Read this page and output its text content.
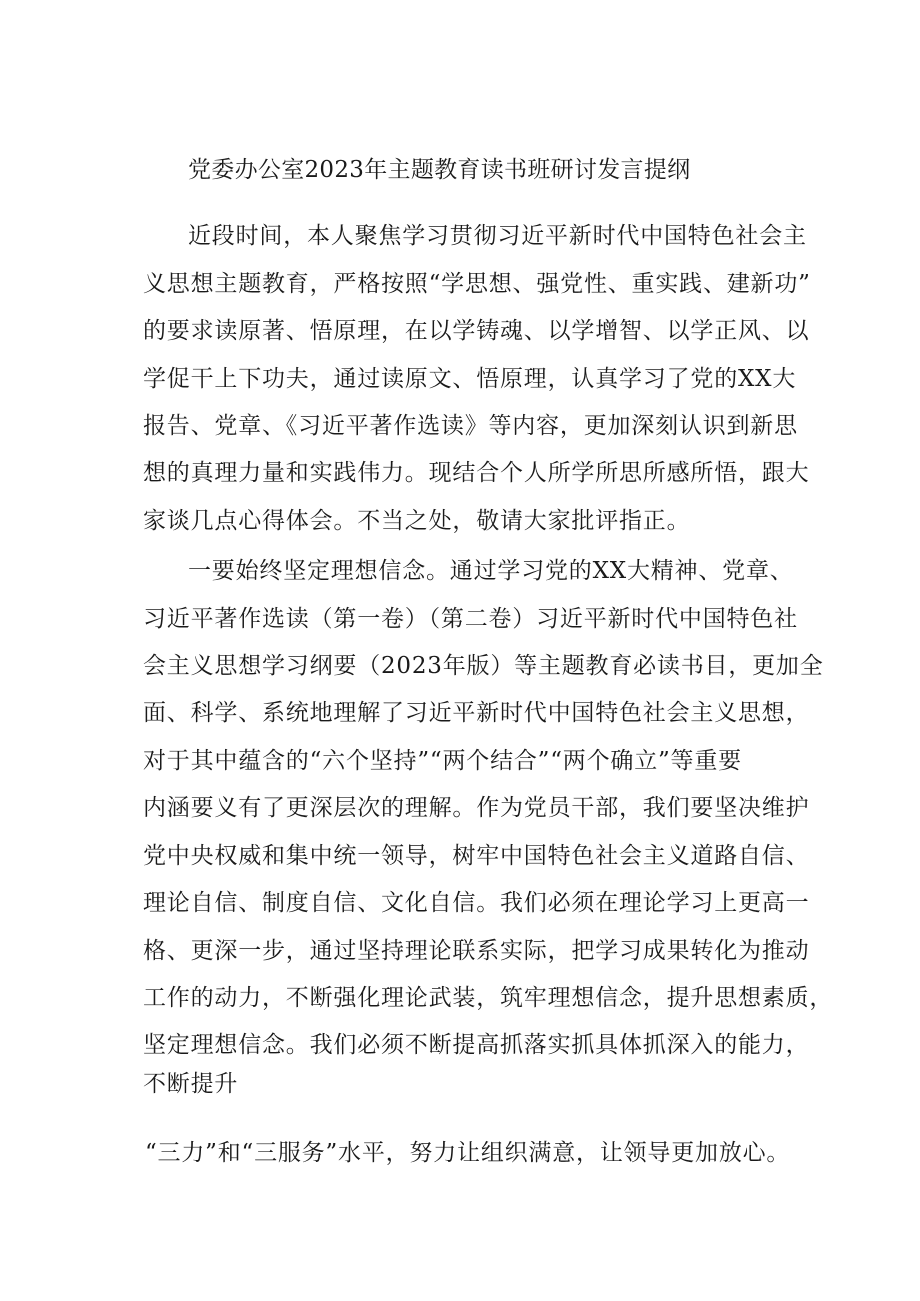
党委办公室2023年主题教育读书班研讨发言提纲
近段时间，本人聚焦学习贯彻习近平新时代中国特色社会主
义思想主题教育，严格按照“学思想、强党性、重实践、建新功”
的要求读原著、悟原理，在以学铸魂、以学增智、以学正风、以
学促干上下功夫，通过读原文、悟原理，认真学习了党的XX大
报告、党章、《习近平著作选读》等内容，更加深刻认识到新思
想的真理力量和实践伟力。现结合个人所学所思所感所悟，跟大
家谈几点心得体会。不当之处，敬请大家批评指正。
一要始终坚定理想信念。通过学习党的XX大精神、党章、
习近平著作选读（第一卷）（第二卷）习近平新时代中国特色社
会主义思想学习纲要（2023年版）等主题教育必读书目，更加全
面、科学、系统地理解了习近平新时代中国特色社会主义思想，
对于其中蕴含的“六个坚持”“两个结合”“两个确立”等重要
内涵要义有了更深层次的理解。作为党员干部，我们要坚决维护
党中央权威和集中统一领导，树牢中国特色社会主义道路自信、
理论自信、制度自信、文化自信。我们必须在理论学习上更高一
格、更深一步，通过坚持理论联系实际，把学习成果转化为推动
工作的动力，不断强化理论武装，筑牢理想信念，提升思想素质，
坚定理想信念。我们必须不断提高抓落实抓具体抓深入的能力，
不断提升
“三力”和“三服务”水平，努力让组织满意，让领导更加放心。
